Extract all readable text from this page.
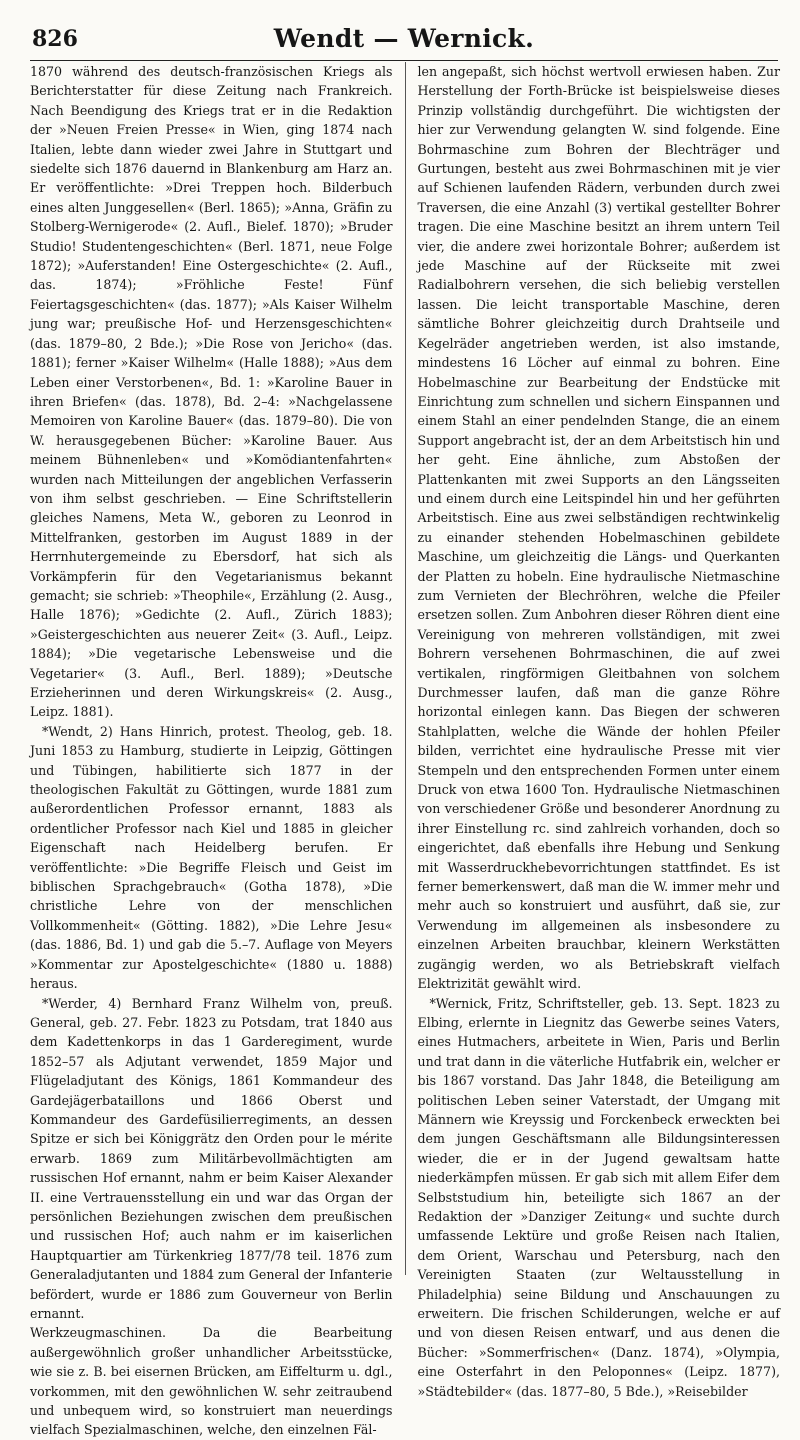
826	Wendt — Wernick.

1870 während des deutsch-französischen Kriegs als Berichterstatter für diese Zeitung nach Frankreich. Nach Beendigung des Kriegs trat er in die Redaktion der »Neuen Freien Presse« in Wien, ging 1874 nach Italien, lebte dann wieder zwei Jahre in Stuttgart und siedelte sich 1876 dauernd in Blankenburg am Harz an. Er veröffentlichte: »Drei Treppen hoch. Bilderbuch eines alten Junggesellen« (Berl. 1865); »Anna, Gräfin zu Stolberg-Wernigerode« (2. Aufl., Bielef. 1870); »Bruder Studio! Studentengeschichten« (Berl. 1871, neue Folge 1872); »Auferstanden! Eine Ostergeschichte« (2. Aufl., das. 1874); »Fröhliche Feste! Fünf Feiertagsgeschichten« (das. 1877); »Als Kaiser Wilhelm jung war; preußische Hof- und Herzensgeschichten« (das. 1879–80, 2 Bde.); »Die Rose von Jericho« (das. 1881); ferner »Kaiser Wilhelm« (Halle 1888); »Aus dem Leben einer Verstorbenen«, Bd. 1: »Karoline Bauer in ihren Briefen« (das. 1878), Bd. 2–4: »Nachgelassene Memoiren von Karoline Bauer« (das. 1879–80). Die von W. herausgegebenen Bücher: »Karoline Bauer. Aus meinem Bühnenleben« und »Komödiantenfahrten« wurden nach Mitteilungen der angeblichen Verfasserin von ihm selbst geschrieben. — Eine Schriftstellerin gleiches Namens, Meta W., geboren zu Leonrod in Mittelfranken, gestorben im August 1889 in der Herrnhutergemeinde zu Ebersdorf, hat sich als Vorkämpferin für den Vegetarianismus bekannt gemacht; sie schrieb: »Theophile«, Erzählung (2. Ausg., Halle 1876); »Gedichte (2. Aufl., Zürich 1883); »Geistergeschichten aus neuerer Zeit« (3. Aufl., Leipz. 1884); »Die vegetarische Lebensweise und die Vegetarier« (3. Aufl., Berl. 1889); »Deutsche Erzieherinnen und deren Wirkungskreis« (2. Ausg., Leipz. 1881).

*Wendt, 2) Hans Hinrich, protest. Theolog, geb. 18. Juni 1853 zu Hamburg, studierte in Leipzig, Göttingen und Tübingen, habilitierte sich 1877 in der theologischen Fakultät zu Göttingen, wurde 1881 zum außerordentlichen Professor ernannt, 1883 als ordentlicher Professor nach Kiel und 1885 in gleicher Eigenschaft nach Heidelberg berufen. Er veröffentlichte: »Die Begriffe Fleisch und Geist im biblischen Sprachgebrauch« (Gotha 1878), »Die christliche Lehre von der menschlichen Vollkommenheit« (Götting. 1882), »Die Lehre Jesu« (das. 1886, Bd. 1) und gab die 5.–7. Auflage von Meyers »Kommentar zur Apostelgeschichte« (1880 u. 1888) heraus.

*Werder, 4) Bernhard Franz Wilhelm von, preuß. General, geb. 27. Febr. 1823 zu Potsdam, trat 1840 aus dem Kadettenkorps in das 1 Garderegiment, wurde 1852–57 als Adjutant verwendet, 1859 Major und Flügeladjutant des Königs, 1861 Kommandeur des Gardejägerbataillons und 1866 Oberst und Kommandeur des Gardefüsilierregiments, an dessen Spitze er sich bei Königgrätz den Orden pour le mérite erwarb. 1869 zum Militärbevollmächtigten am russischen Hof ernannt, nahm er beim Kaiser Alexander II. eine Vertrauensstellung ein und war das Organ der persönlichen Beziehungen zwischen dem preußischen und russischen Hof; auch nahm er im kaiserlichen Hauptquartier am Türkenkrieg 1877/78 teil. 1876 zum Generaladjutanten und 1884 zum General der Infanterie befördert, wurde er 1886 zum Gouverneur von Berlin ernannt.

Werkzeugmaschinen. Da die Bearbeitung außergewöhnlich großer unhandlicher Arbeitsstücke, wie sie z. B. bei eisernen Brücken, am Eiffelturm u. dgl., vorkommen, mit den gewöhnlichen W. sehr zeitraubend und unbequem wird, so konstruiert man neuerdings vielfach Spezialmaschinen, welche, den einzelnen Fäl-

len angepaßt, sich höchst wertvoll erwiesen haben. Zur Herstellung der Forth-Brücke ist beispielsweise dieses Prinzip vollständig durchgeführt. Die wichtigsten der hier zur Verwendung gelangten W. sind folgende. Eine Bohrmaschine zum Bohren der Blechträger und Gurtungen, besteht aus zwei Bohrmaschinen mit je vier auf Schienen laufenden Rädern, verbunden durch zwei Traversen, die eine Anzahl (3) vertikal gestellter Bohrer tragen. Die eine Maschine besitzt an ihrem untern Teil vier, die andere zwei horizontale Bohrer; außerdem ist jede Maschine auf der Rückseite mit zwei Radialbohrern versehen, die sich beliebig verstellen lassen. Die leicht transportable Maschine, deren sämtliche Bohrer gleichzeitig durch Drahtseile und Kegelräder angetrieben werden, ist also imstande, mindestens 16 Löcher auf einmal zu bohren. Eine Hobelmaschine zur Bearbeitung der Endstücke mit Einrichtung zum schnellen und sichern Einspannen und einem Stahl an einer pendelnden Stange, die an einem Support angebracht ist, der an dem Arbeitstisch hin und her geht. Eine ähnliche, zum Abstoßen der Plattenkanten mit zwei Supports an den Längsseiten und einem durch eine Leitspindel hin und her geführten Arbeitstisch. Eine aus zwei selbständigen rechtwinkelig zu einander stehenden Hobelmaschinen gebildete Maschine, um gleichzeitig die Längs- und Querkanten der Platten zu hobeln. Eine hydraulische Nietmaschine zum Vernieten der Blechröhren, welche die Pfeiler ersetzen sollen. Zum Anbohren dieser Röhren dient eine Vereinigung von mehreren vollständigen, mit zwei Bohrern versehenen Bohrmaschinen, die auf zwei vertikalen, ringförmigen Gleitbahnen von solchem Durchmesser laufen, daß man die ganze Röhre horizontal einlegen kann. Das Biegen der schweren Stahlplatten, welche die Wände der hohlen Pfeiler bilden, verrichtet eine hydraulische Presse mit vier Stempeln und den entsprechenden Formen unter einem Druck von etwa 1600 Ton. Hydraulische Nietmaschinen von verschiedener Größe und besonderer Anordnung zu ihrer Einstellung rc. sind zahlreich vorhanden, doch so eingerichtet, daß ebenfalls ihre Hebung und Senkung mit Wasserdruckhebevorrichtungen stattfindet. Es ist ferner bemerkenswert, daß man die W. immer mehr und mehr auch so konstruiert und ausführt, daß sie, zur Verwendung im allgemeinen als insbesondere zu einzelnen Arbeiten brauchbar, kleinern Werkstätten zugängig werden, wo als Betriebskraft vielfach Elektrizität gewählt wird.

*Wernick, Fritz, Schriftsteller, geb. 13. Sept. 1823 zu Elbing, erlernte in Liegnitz das Gewerbe seines Vaters, eines Hutmachers, arbeitete in Wien, Paris und Berlin und trat dann in die väterliche Hutfabrik ein, welcher er bis 1867 vorstand. Das Jahr 1848, die Beteiligung am politischen Leben seiner Vaterstadt, der Umgang mit Männern wie Kreyssig und Forckenbeck erweckten bei dem jungen Geschäftsmann alle Bildungsinteressen wieder, die er in der Jugend gewaltsam hatte niederkämpfen müssen. Er gab sich mit allem Eifer dem Selbststudium hin, beteiligte sich 1867 an der Redaktion der »Danziger Zeitung« und suchte durch umfassende Lektüre und große Reisen nach Italien, dem Orient, Warschau und Petersburg, nach den Vereinigten Staaten (zur Weltausstellung in Philadelphia) seine Bildung und Anschauungen zu erweitern. Die frischen Schilderungen, welche er auf und von diesen Reisen entwarf, und aus denen die Bücher: »Sommerfrischen« (Danz. 1874), »Olympia, eine Osterfahrt in den Peloponnes« (Leipz. 1877), »Städtebilder« (das. 1877–80, 5 Bde.), »Reisebilder
